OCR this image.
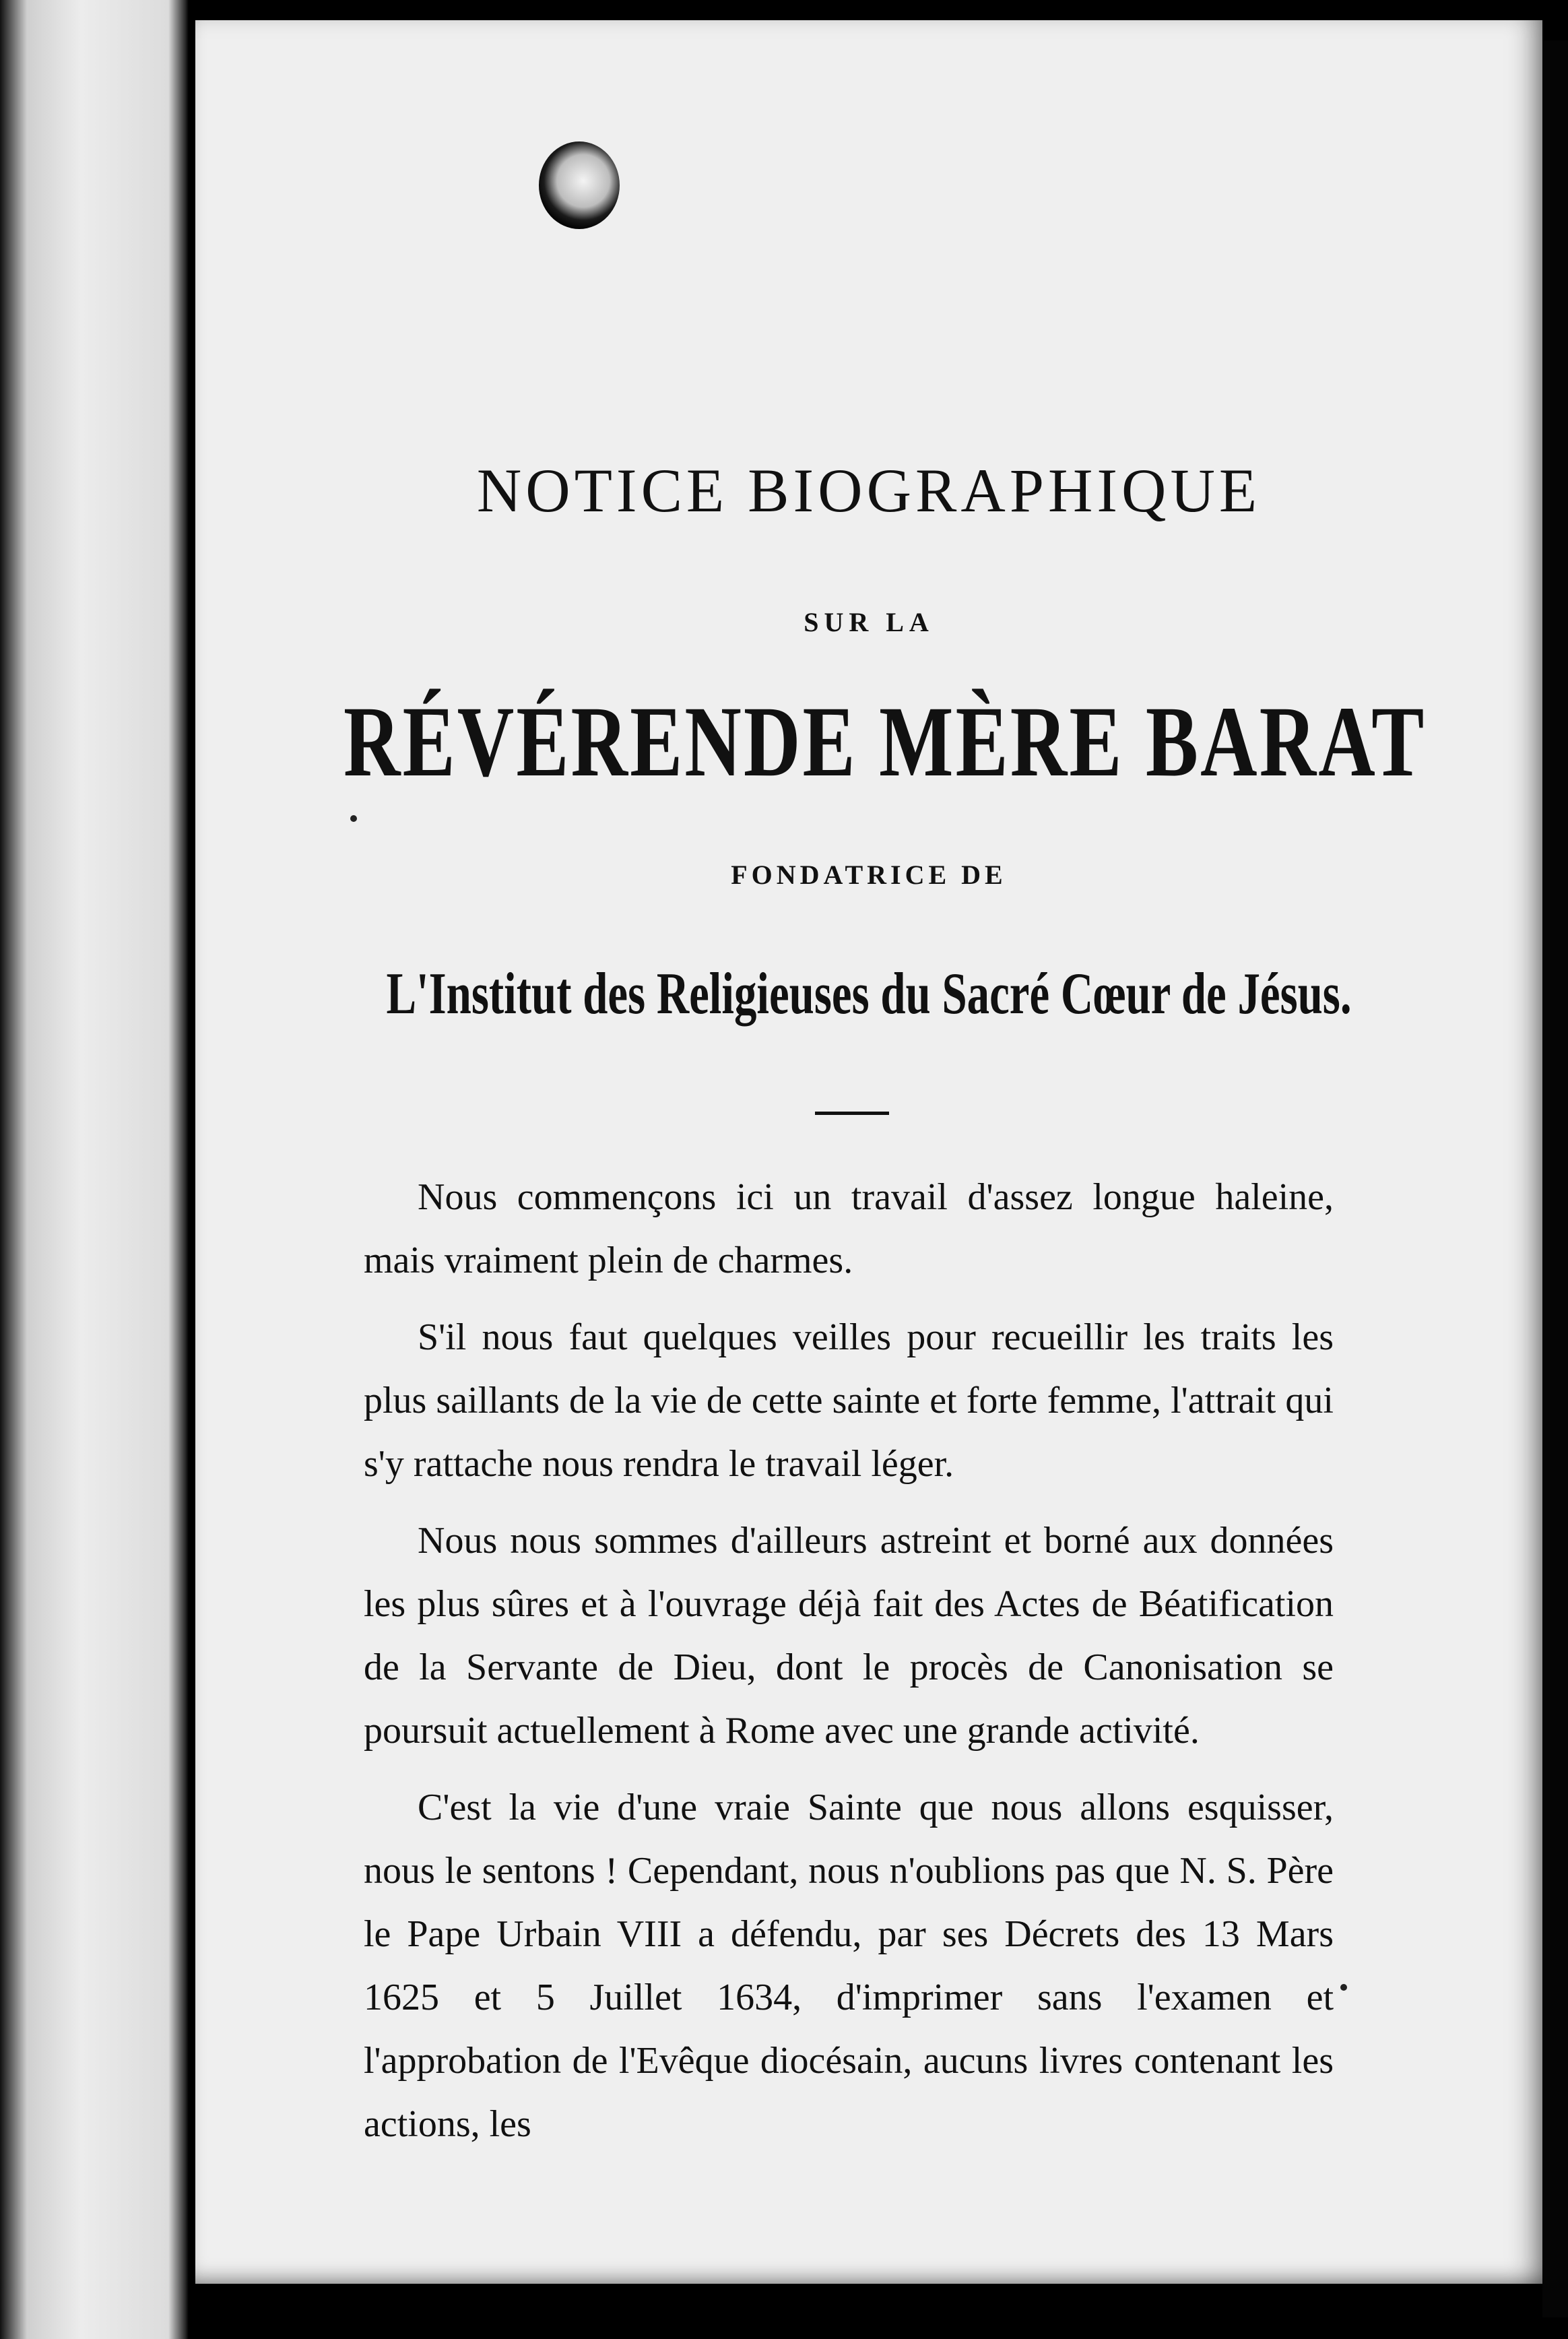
NOTICE BIOGRAPHIQUE
SUR LA
RÉVÉRENDE MÈRE BARAT
FONDATRICE DE
L'Institut des Religieuses du Sacré Cœur de Jésus.

Nous commençons ici un travail d'assez longue haleine, mais vraiment plein de charmes.

S'il nous faut quelques veilles pour recueillir les traits les plus saillants de la vie de cette sainte et forte femme, l'attrait qui s'y rattache nous rendra le travail léger.

Nous nous sommes d'ailleurs astreint et borné aux données les plus sûres et à l'ouvrage déjà fait des Actes de Béatification de la Servante de Dieu, dont le procès de Canonisation se poursuit actuellement à Rome avec une grande activité.

C'est la vie d'une vraie Sainte que nous allons esquisser, nous le sentons ! Cependant, nous n'oublions pas que N. S. Père le Pape Urbain VIII a défendu, par ses Décrets des 13 Mars 1625 et 5 Juillet 1634, d'imprimer sans l'examen et l'approbation de l'Evêque diocésain, aucuns livres contenant les actions, les
